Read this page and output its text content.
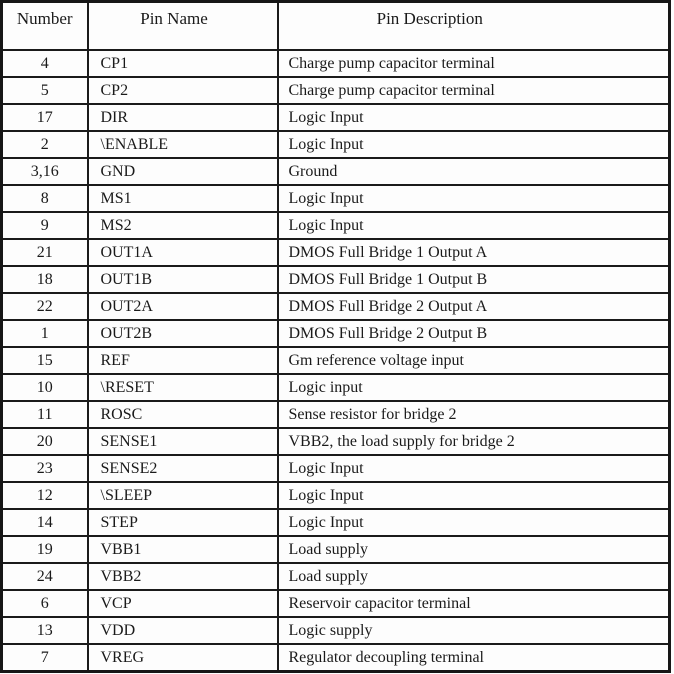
Number	Pin Name	Pin Description
4	CP1	Charge pump capacitor terminal
5	CP2	Charge pump capacitor terminal
17	DIR	Logic Input
2	\ENABLE	Logic Input
3,16	GND	Ground
8	MS1	Logic Input
9	MS2	Logic Input
21	OUT1A	DMOS Full Bridge 1 Output A
18	OUT1B	DMOS Full Bridge 1 Output B
22	OUT2A	DMOS Full Bridge 2 Output A
1	OUT2B	DMOS Full Bridge 2 Output B
15	REF	Gm reference voltage input
10	\RESET	Logic input
11	ROSC	Sense resistor for bridge 2
20	SENSE1	VBB2, the load supply for bridge 2
23	SENSE2	Logic Input
12	\SLEEP	Logic Input
14	STEP	Logic Input
19	VBB1	Load supply
24	VBB2	Load supply
6	VCP	Reservoir capacitor terminal
13	VDD	Logic supply
7	VREG	Regulator decoupling terminal
